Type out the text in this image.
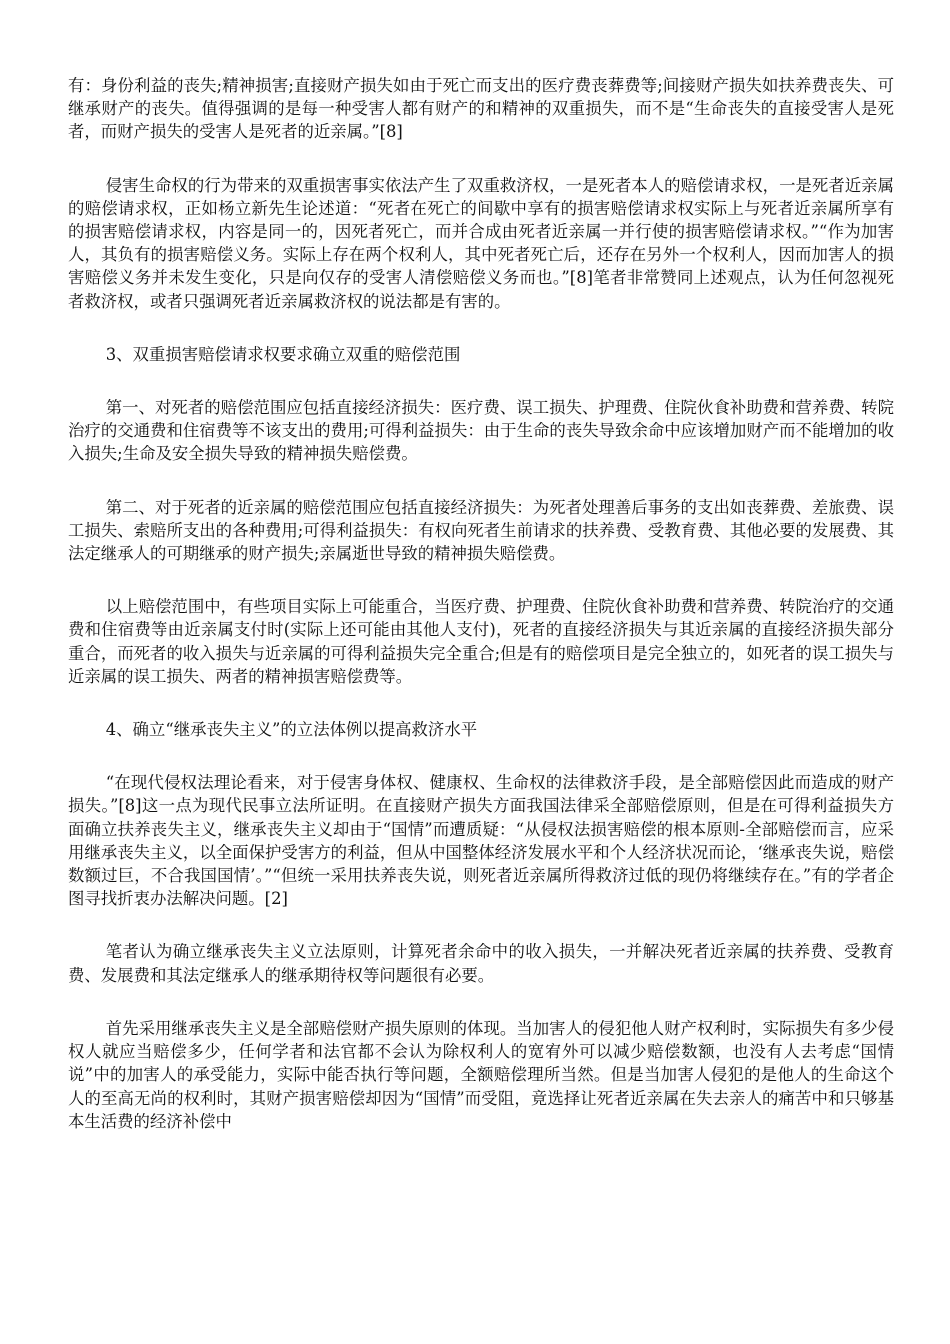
有：身份利益的丧失;精神损害;直接财产损失如由于死亡而支出的医疗费丧葬费等;间接财产损失如扶养费丧失、可继承财产的丧失。值得强调的是每一种受害人都有财产的和精神的双重损失，而不是“生命丧失的直接受害人是死者，而财产损失的受害人是死者的近亲属。”[8]

侵害生命权的行为带来的双重损害事实依法产生了双重救济权，一是死者本人的赔偿请求权，一是死者近亲属的赔偿请求权，正如杨立新先生论述道：“死者在死亡的间歇中享有的损害赔偿请求权实际上与死者近亲属所享有的损害赔偿请求权，内容是同一的，因死者死亡，而并合成由死者近亲属一并行使的损害赔偿请求权。”“作为加害人，其负有的损害赔偿义务。实际上存在两个权利人，其中死者死亡后，还存在另外一个权利人，因而加害人的损害赔偿义务并未发生变化，只是向仅存的受害人清偿赔偿义务而也。”[8]笔者非常赞同上述观点，认为任何忽视死者救济权，或者只强调死者近亲属救济权的说法都是有害的。

3、双重损害赔偿请求权要求确立双重的赔偿范围

第一、对死者的赔偿范围应包括直接经济损失：医疗费、误工损失、护理费、住院伙食补助费和营养费、转院治疗的交通费和住宿费等不该支出的费用;可得利益损失：由于生命的丧失导致余命中应该增加财产而不能增加的收入损失;生命及安全损失导致的精神损失赔偿费。

第二、对于死者的近亲属的赔偿范围应包括直接经济损失：为死者处理善后事务的支出如丧葬费、差旅费、误工损失、索赔所支出的各种费用;可得利益损失：有权向死者生前请求的扶养费、受教育费、其他必要的发展费、其法定继承人的可期继承的财产损失;亲属逝世导致的精神损失赔偿费。

以上赔偿范围中，有些项目实际上可能重合，当医疗费、护理费、住院伙食补助费和营养费、转院治疗的交通费和住宿费等由近亲属支付时(实际上还可能由其他人支付)，死者的直接经济损失与其近亲属的直接经济损失部分重合，而死者的收入损失与近亲属的可得利益损失完全重合;但是有的赔偿项目是完全独立的，如死者的误工损失与近亲属的误工损失、两者的精神损害赔偿费等。

4、确立“继承丧失主义”的立法体例以提高救济水平

“在现代侵权法理论看来，对于侵害身体权、健康权、生命权的法律救济手段，是全部赔偿因此而造成的财产损失。”[8]这一点为现代民事立法所证明。在直接财产损失方面我国法律采全部赔偿原则，但是在可得利益损失方面确立扶养丧失主义，继承丧失主义却由于“国情”而遭质疑：“从侵权法损害赔偿的根本原则-全部赔偿而言，应采用继承丧失主义，以全面保护受害方的利益，但从中国整体经济发展水平和个人经济状况而论，‘继承丧失说，赔偿数额过巨，不合我国国情’。”“但统一采用扶养丧失说，则死者近亲属所得救济过低的现仍将继续存在。”有的学者企图寻找折衷办法解决问题。[2]

笔者认为确立继承丧失主义立法原则，计算死者余命中的收入损失，一并解决死者近亲属的扶养费、受教育费、发展费和其法定继承人的继承期待权等问题很有必要。

首先采用继承丧失主义是全部赔偿财产损失原则的体现。当加害人的侵犯他人财产权利时，实际损失有多少侵权人就应当赔偿多少，任何学者和法官都不会认为除权利人的宽宥外可以减少赔偿数额，也没有人去考虑“国情说”中的加害人的承受能力，实际中能否执行等问题，全额赔偿理所当然。但是当加害人侵犯的是他人的生命这个人的至高无尚的权利时，其财产损害赔偿却因为“国情”而受阻，竟选择让死者近亲属在失去亲人的痛苦中和只够基本生活费的经济补偿中
